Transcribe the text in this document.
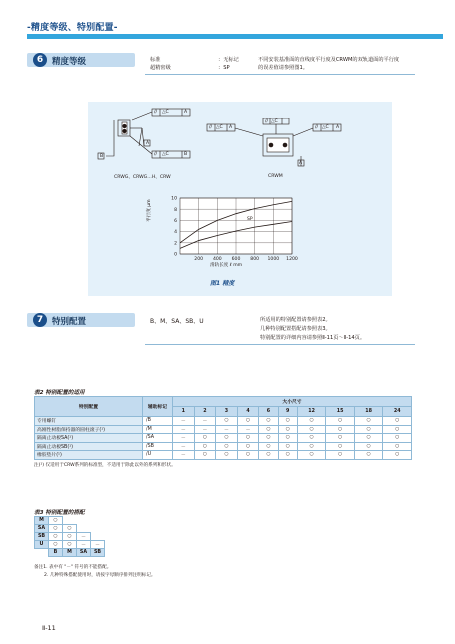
-精度等级、特别配置-
6	精度等级	标准	：无标记
超精密级	：SP
不同安装基准面的直线度平行度及CRWM的双轨道面的平行度
的误差值请参照图1。
// △C	A
A
// △C	B
B
CRWG、CRWG…H、CRW
// △C A	// △C A
// △C
A
CRWM
0
2
4
6
8
10
200 400 600 800 1000 1200
平行度 μm
滑轨长度 ℓ mm
SP
图1 精度
7	特别配置	B、M、SA、SB、U	所适用的特别配置请参照表2。
几种特别配置搭配请参照表3。
特别配置的详细内容请参照Ⅱ-11页～Ⅱ-14页。
表2 特别配置的适用
特别配置	辅助标记	大小尺寸									
		1	2	3	4	6	9	12	15	18	24
专用螺钉	/B	－	－	○	○	○	○	○	○	○	○
高刚性树脂保持器的圆柱滚子(¹)	/M	－	－	－	－	○	○	○	○	○	○
隔离止动板SA(¹)	/SA	－	○	○	○	○	○	○	○	○	○
隔离止动板SB(¹)	/SB	－	○	○	○	○	○	○	○	○	○
橡胶垫片(¹)	/U	－	○	○	○	○	○	○	○	○	○
注(¹) 仅适用于CRW系列的标准型，不适用于除此以外的系列和形状。
表3 特别配置的搭配
M	○			
SA	○	○		
SB	○	○	－	
U	○	○	－	－
	B	M	SA	SB
备注1. 表中有 "－" 符号的不能搭配。
2. 几种特殊搭配使用时，请按字母顺序排列注明标记。
Ⅱ-11
